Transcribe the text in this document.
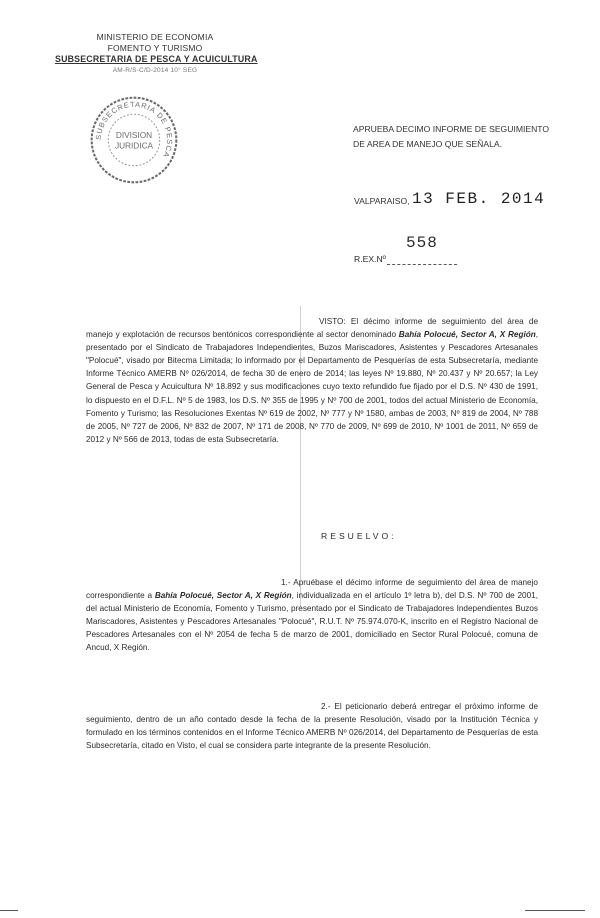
MINISTERIO DE ECONOMIA
FOMENTO Y TURISMO
SUBSECRETARIA DE PESCA Y ACUICULTURA
AM-R/S-C/D-2014 10° SEG
SUBSECRETARIA DE PESCA
DIVISION
JURIDICA
APRUEBA DECIMO INFORME DE SEGUIMIENTO DE AREA DE MANEJO QUE SEÑALA.
VALPARAISO, 13 FEB. 2014
558
R.EX.Nº
VISTO: El décimo informe de seguimiento del área de manejo y explotación de recursos bentónicos correspondiente al sector denominado Bahía Polocué, Sector A, X Región, presentado por el Sindicato de Trabajadores Independientes, Buzos Mariscadores, Asistentes y Pescadores Artesanales "Polocué", visado por Bitecma Limitada; lo informado por el Departamento de Pesquerías de esta Subsecretaría, mediante Informe Técnico AMERB Nº 026/2014, de fecha 30 de enero de 2014; las leyes Nº 19.880, Nº 20.437 y Nº 20.657; la Ley General de Pesca y Acuicultura Nº 18.892 y sus modificaciones cuyo texto refundido fue fijado por el D.S. Nº 430 de 1991, lo dispuesto en el D.F.L. Nº 5 de 1983, los D.S. Nº 355 de 1995 y Nº 700 de 2001, todos del actual Ministerio de Economía, Fomento y Turismo; las Resoluciones Exentas Nº 619 de 2002, Nº 777 y Nº 1580, ambas de 2003, Nº 819 de 2004, Nº 788 de 2005, Nº 727 de 2006, Nº 832 de 2007, Nº 171 de 2008, Nº 770 de 2009, Nº 699 de 2010, Nº 1001 de 2011, Nº 659 de 2012 y Nº 566 de 2013, todas de esta Subsecretaría.
RESUELVO:
1.- Apruébase el décimo informe de seguimiento del área de manejo correspondiente a Bahía Polocué, Sector A, X Región, individualizada en el artículo 1º letra b), del D.S. Nº 700 de 2001, del actual Ministerio de Economía, Fomento y Turismo, presentado por el Sindicato de Trabajadores Independientes Buzos Mariscadores, Asistentes y Pescadores Artesanales "Polocué", R.U.T. Nº 75.974.070-K, inscrito en el Registro Nacional de Pescadores Artesanales con el Nº 2054 de fecha 5 de marzo de 2001, domiciliado en Sector Rural Polocué, comuna de Ancud, X Región.
2.- El peticionario deberá entregar el próximo informe de seguimiento, dentro de un año contado desde la fecha de la presente Resolución, visado por la Institución Técnica y formulado en los términos contenidos en el Informe Técnico AMERB Nº 026/2014, del Departamento de Pesquerías de esta Subsecretaría, citado en Visto, el cual se considera parte integrante de la presente Resolución.
